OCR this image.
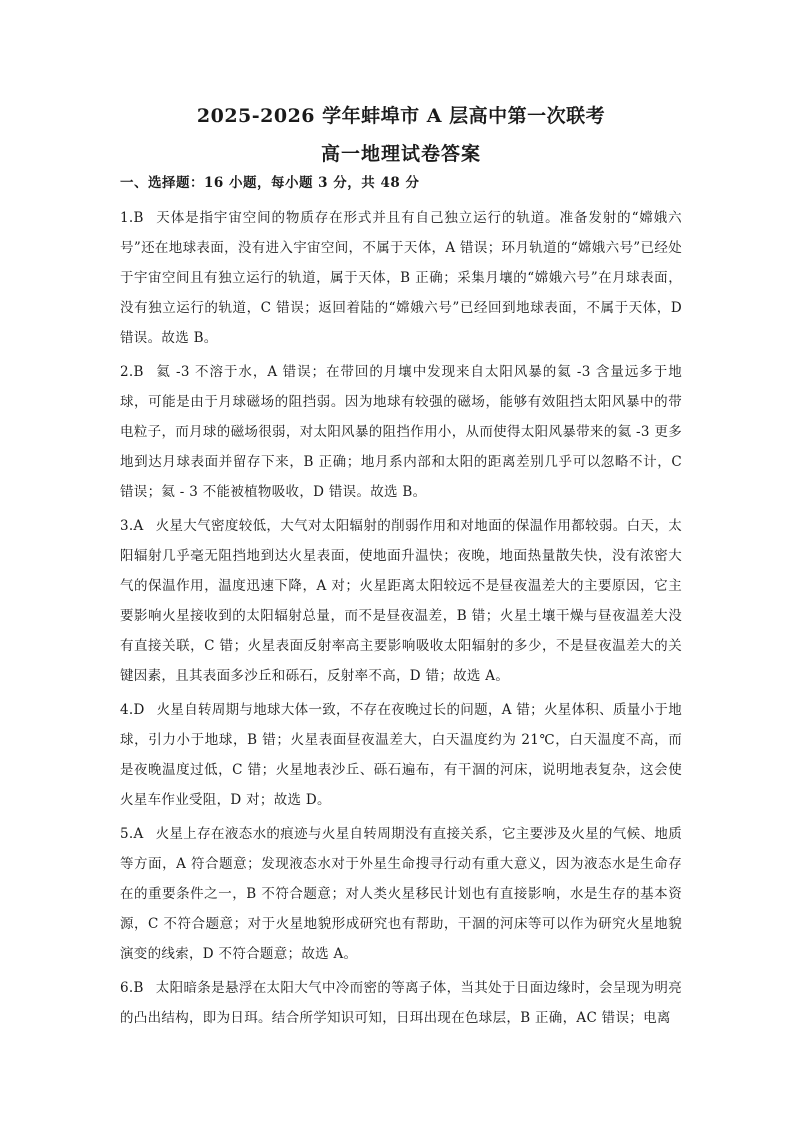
2025-2026 学年蚌埠市 A 层高中第一次联考
高一地理试卷答案

一、选择题：16 小题，每小题 3 分，共 48 分

1.B 天体是指宇宙空间的物质存在形式并且有自己独立运行的轨道。准备发射的“嫦娥六号”还在地球表面，没有进入宇宙空间，不属于天体，A 错误；环月轨道的“嫦娥六号”已经处于宇宙空间且有独立运行的轨道，属于天体，B 正确；采集月壤的“嫦娥六号”在月球表面，没有独立运行的轨道，C 错误；返回着陆的“嫦娥六号”已经回到地球表面，不属于天体，D 错误。故选 B。
2.B 氦 -3 不溶于水，A 错误；在带回的月壤中发现来自太阳风暴的氦 -3 含量远多于地球，可能是由于月球磁场的阻挡弱。因为地球有较强的磁场，能够有效阻挡太阳风暴中的带电粒子，而月球的磁场很弱，对太阳风暴的阻挡作用小，从而使得太阳风暴带来的氦 -3 更多地到达月球表面并留存下来，B 正确；地月系内部和太阳的距离差别几乎可以忽略不计，C 错误；氦 - 3 不能被植物吸收，D 错误。故选 B。
3.A 火星大气密度较低，大气对太阳辐射的削弱作用和对地面的保温作用都较弱。白天，太阳辐射几乎毫无阻挡地到达火星表面，使地面升温快；夜晚，地面热量散失快，没有浓密大气的保温作用，温度迅速下降，A 对；火星距离太阳较远不是昼夜温差大的主要原因，它主要影响火星接收到的太阳辐射总量，而不是昼夜温差，B 错；火星土壤干燥与昼夜温差大没有直接关联，C 错；火星表面反射率高主要影响吸收太阳辐射的多少，不是昼夜温差大的关键因素，且其表面多沙丘和砾石，反射率不高，D 错；故选 A。
4.D 火星自转周期与地球大体一致，不存在夜晚过长的问题，A 错；火星体积、质量小于地球，引力小于地球，B 错；火星表面昼夜温差大，白天温度约为 21℃，白天温度不高，而是夜晚温度过低，C 错；火星地表沙丘、砾石遍布，有干涸的河床，说明地表复杂，这会使火星车作业受阻，D 对；故选 D。
5.A 火星上存在液态水的痕迹与火星自转周期没有直接关系，它主要涉及火星的气候、地质等方面，A 符合题意；发现液态水对于外星生命搜寻行动有重大意义，因为液态水是生命存在的重要条件之一，B 不符合题意；对人类火星移民计划也有直接影响，水是生存的基本资源，C 不符合题意；对于火星地貌形成研究也有帮助，干涸的河床等可以作为研究火星地貌演变的线索，D 不符合题意；故选 A。
6.B 太阳暗条是悬浮在太阳大气中冷而密的等离子体，当其处于日面边缘时，会呈现为明亮的凸出结构，即为日珥。结合所学知识可知，日珥出现在色球层，B 正确，AC 错误；电离
